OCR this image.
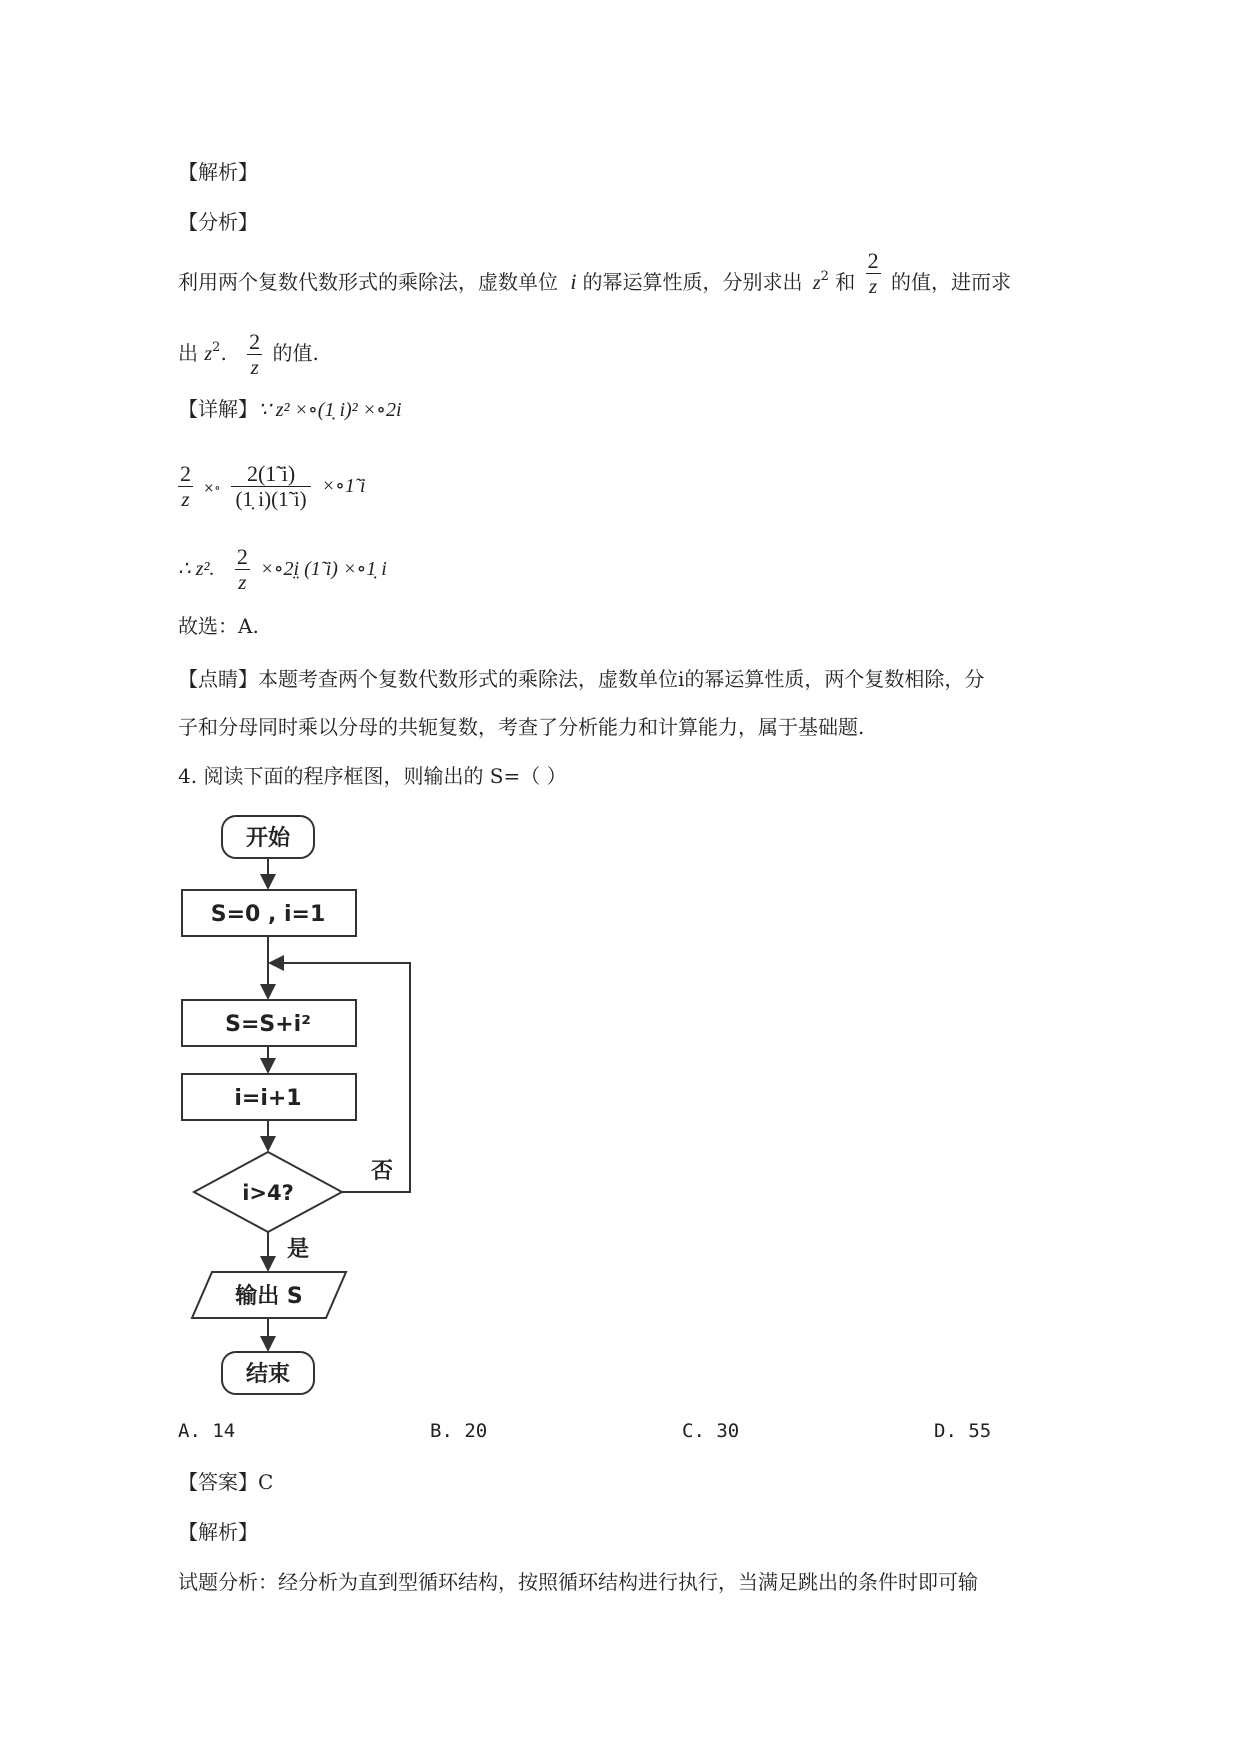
【解析】
【分析】
利用两个复数代数形式的乘除法，虚数单位 i 的幂运算性质，分别求出 $z^2$ 和 $\frac{2}{z}$ 的值，进而求
出 $z^2$. $\frac{2}{z}$ 的值.
【详解】∵ z² ×∘(1̣ i)² ×∘2i
$\frac{2}{z}$ ×∘ $\frac{2(1̃ i)}{(1̣ i)(1̃ i)}$ ×∘1̃ i
∴ z². $\frac{2}{z}$ ×∘2i̤ (1̃ i) ×∘1̣ i
故选：A.
【点睛】本题考查两个复数代数形式的乘除法，虚数单位i的幂运算性质，两个复数相除，分
子和分母同时乘以分母的共轭复数，考查了分析能力和计算能力，属于基础题.
4. 阅读下面的程序框图，则输出的 S=（ ）
开始
S=0 , i=1
S=S+i²
i=i+1
i>4?
否
是
输出 S
结束
A. 14	B. 20	C. 30	D. 55
【答案】C
【解析】
试题分析：经分析为直到型循环结构，按照循环结构进行执行，当满足跳出的条件时即可输
